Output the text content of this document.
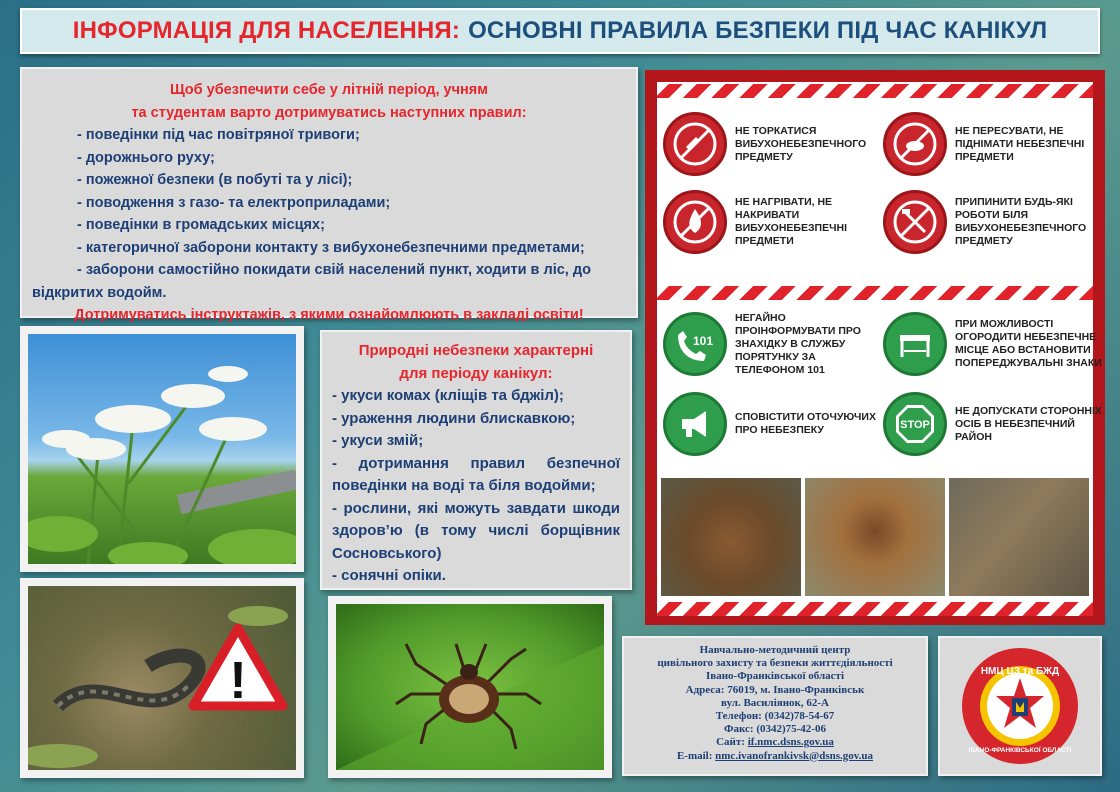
ІНФОРМАЦІЯ ДЛЯ НАСЕЛЕННЯ: ОСНОВНІ ПРАВИЛА БЕЗПЕКИ ПІД ЧАС КАНІКУЛ
Щоб убезпечити себе у літній період, учням
та студентам варто дотримуватись наступних правил:
- поведінки під час повітряної тривоги;
- дорожнього руху;
- пожежної безпеки (в побуті та у лісі);
- поводження з газо- та електроприладами;
- поведінки в громадських місцях;
- категоричної заборони контакту з вибухонебезпечними предметами;
- заборони самостійно покидати свій населений пункт, ходити в ліс, до
відкритих водойм.
Дотримуватись інструктажів, з якими ознайомлюють в закладі освіти!
Природні небезпеки характерні
для періоду канікул:
- укуси комах (кліщів та бджіл);
- ураження людини блискавкою;
- укуси змій;
- дотримання правил безпечної поведінки на воді та біля водойми;
- рослини, які можуть завдати шкоди здоров’ю (в тому числі борщівник Сосновського)
- сонячні опіки.
!
НЕ ТОРКАТИСЯ ВИБУХОНЕБЕЗПЕЧНОГО ПРЕДМЕТУ
НЕ ПЕРЕСУВАТИ, НЕ ПІДНІМАТИ НЕБЕЗПЕЧНІ ПРЕДМЕТИ
НЕ НАГРІВАТИ, НЕ НАКРИВАТИ ВИБУХОНЕБЕЗПЕЧНІ ПРЕДМЕТИ
ПРИПИНИТИ БУДЬ-ЯКІ РОБОТИ БІЛЯ ВИБУХОНЕБЕЗПЕЧНОГО ПРЕДМЕТУ
101
НЕГАЙНО ПРОІНФОРМУВАТИ ПРО ЗНАХІДКУ В СЛУЖБУ ПОРЯТУНКУ ЗА ТЕЛЕФОНОМ 101
ПРИ МОЖЛИВОСТІ ОГОРОДИТИ НЕБЕЗПЕЧНЕ МІСЦЕ АБО ВСТАНОВИТИ ПОПЕРЕДЖУВАЛЬНІ ЗНАКИ
СПОВІСТИТИ ОТОЧУЮЧИХ ПРО НЕБЕЗПЕКУ	STOP
НЕ ДОПУСКАТИ СТОРОННІХ ОСІБ В НЕБЕЗПЕЧНИЙ РАЙОН
Навчально-методичний центр
цивільного захисту та безпеки життєдіяльності
Івано-Франківської області
Адреса: 76019, м. Івано-Франківськ
вул. Василіянок, 62-А
Телефон: (0342)78-54-67
Факс: (0342)75-42-06
Сайт: if.nmc.dsns.gov.ua
E-mail: nmc.ivanofrankivsk@dsns.gov.ua
НМЦ ЦЗ та БЖД
ІВАНО-ФРАНКІВСЬКОЇ ОБЛАСТІ
